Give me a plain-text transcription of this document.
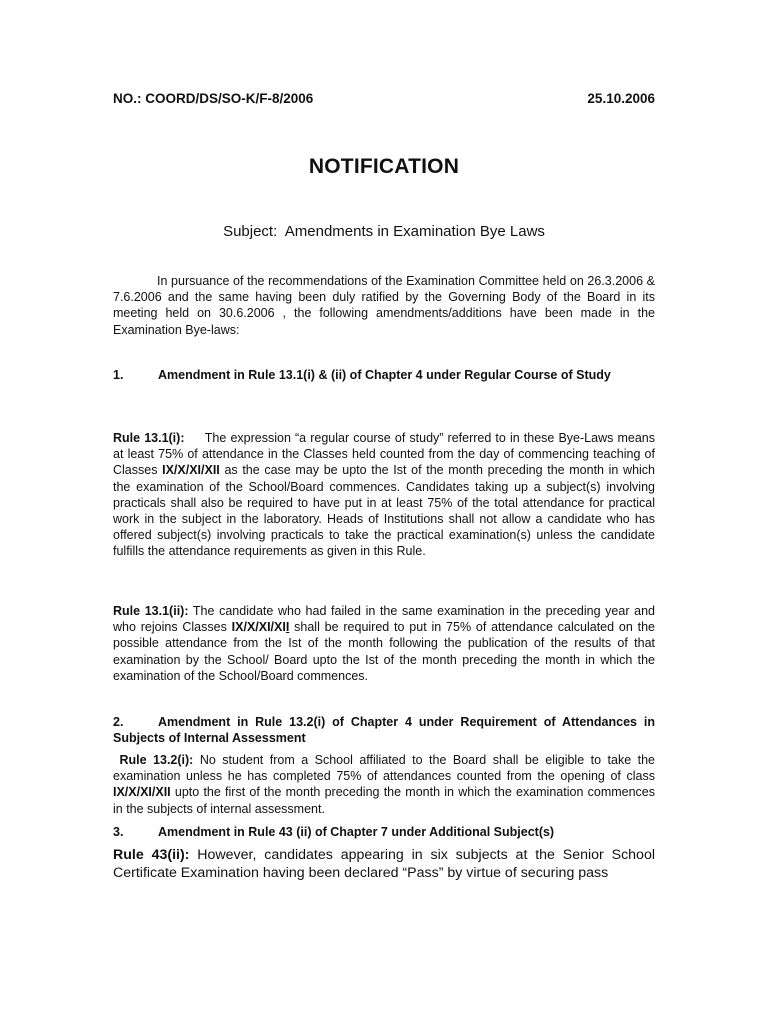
NO.: COORD/DS/SO-K/F-8/2006	25.10.2006
NOTIFICATION
Subject: Amendments in Examination Bye Laws
In pursuance of the recommendations of the Examination Committee held on 26.3.2006 & 7.6.2006 and the same having been duly ratified by the Governing Body of the Board in its meeting held on 30.6.2006 , the following amendments/additions have been made in the Examination Bye-laws:
1.	Amendment in Rule 13.1(i) & (ii) of Chapter 4 under Regular Course of Study
Rule 13.1(i): The expression “a regular course of study” referred to in these Bye-Laws means at least 75% of attendance in the Classes held counted from the day of commencing teaching of Classes IX/X/XI/XII as the case may be upto the Ist of the month preceding the month in which the examination of the School/Board commences. Candidates taking up a subject(s) involving practicals shall also be required to have put in at least 75% of the total attendance for practical work in the subject in the laboratory. Heads of Institutions shall not allow a candidate who has offered subject(s) involving practicals to take the practical examination(s) unless the candidate fulfills the attendance requirements as given in this Rule.
Rule 13.1(ii): The candidate who had failed in the same examination in the preceding year and who rejoins Classes IX/X/XI/XII shall be required to put in 75% of attendance calculated on the possible attendance from the Ist of the month following the publication of the results of that examination by the School/ Board upto the Ist of the month preceding the month in which the examination of the School/Board commences.
2.	Amendment in Rule 13.2(i) of Chapter 4 under Requirement of Attendances in Subjects of Internal Assessment
Rule 13.2(i): No student from a School affiliated to the Board shall be eligible to take the examination unless he has completed 75% of attendances counted from the opening of class IX/X/XI/XII upto the first of the month preceding the month in which the examination commences in the subjects of internal assessment.
3.	Amendment in Rule 43 (ii) of Chapter 7 under Additional Subject(s)
Rule 43(ii): However, candidates appearing in six subjects at the Senior School Certificate Examination having been declared “Pass” by virtue of securing pass
